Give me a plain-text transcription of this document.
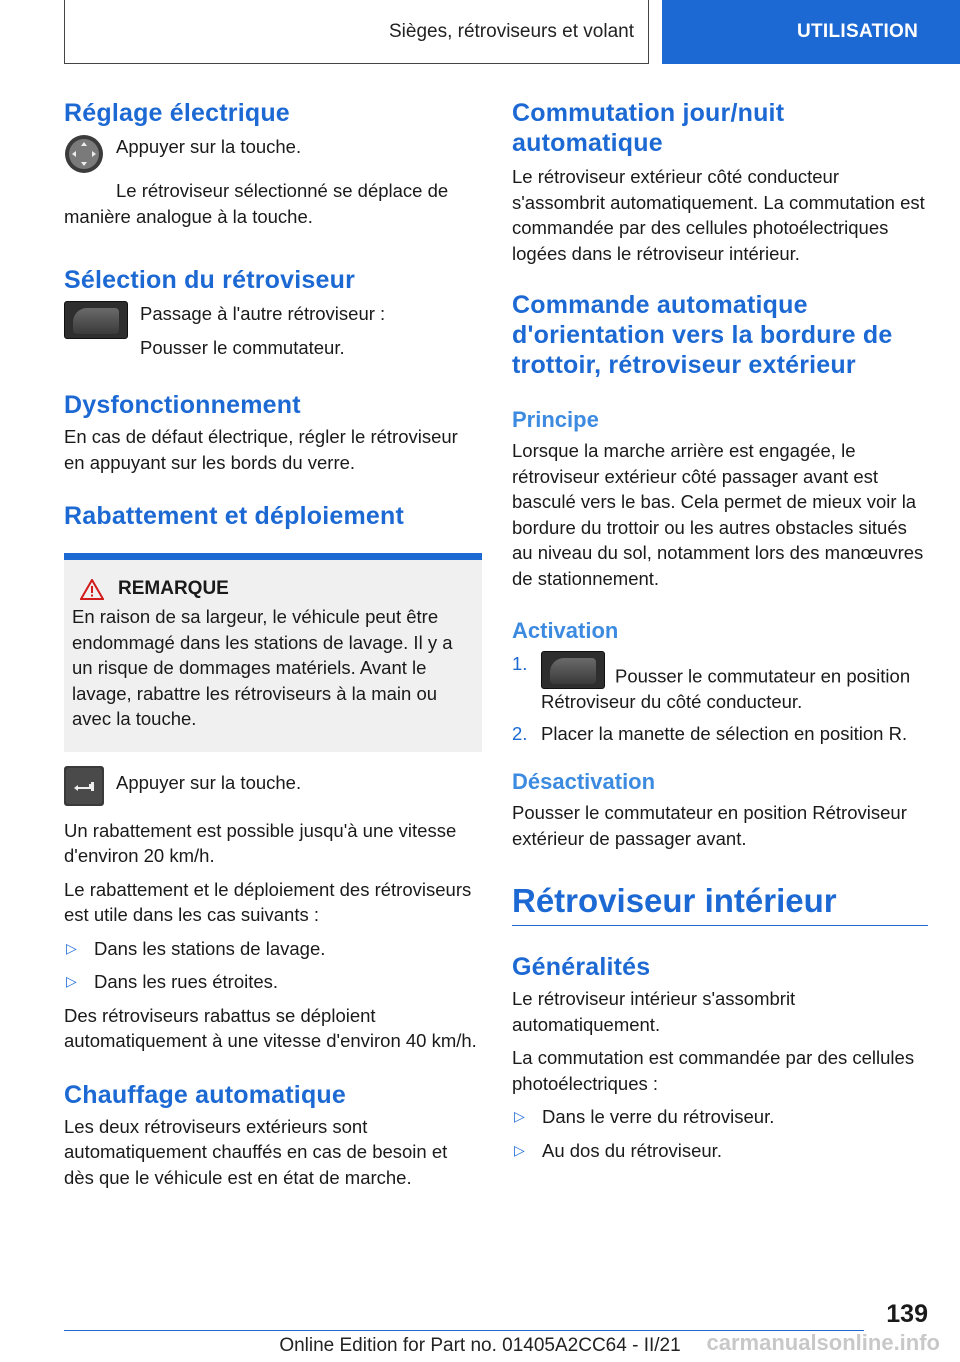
Sièges, rétroviseurs et volant	UTILISATION
Réglage électrique

Appuyer sur la touche.

Le rétroviseur sélectionné se déplace de manière analogue à la touche.

Sélection du rétroviseur

Passage à l'autre rétroviseur :

Pousser le commutateur.

Dysfonctionnement

En cas de défaut électrique, régler le rétroviseur en appuyant sur les bords du verre.

Rabattement et déploiement
REMARQUE

En raison de sa largeur, le véhicule peut être endommagé dans les stations de lavage. Il y a un risque de dommages matériels. Avant le lavage, rabattre les rétroviseurs à la main ou avec la touche.

Appuyer sur la touche.

Un rabattement est possible jusqu'à une vitesse d'environ 20 km/h.

Le rabattement et le déploiement des rétroviseurs est utile dans les cas suivants :

▷ Dans les stations de lavage.
▷ Dans les rues étroites.

Des rétroviseurs rabattus se déploient automatiquement à une vitesse d'environ 40 km/h.

Chauffage automatique

Les deux rétroviseurs extérieurs sont automatiquement chauffés en cas de besoin et dès que le véhicule est en état de marche.

Commutation jour/nuit automatique

Le rétroviseur extérieur côté conducteur s'assombrit automatiquement. La commutation est commandée par des cellules photoélectriques logées dans le rétroviseur intérieur.

Commande automatique d'orientation vers la bordure de trottoir, rétroviseur extérieur
Principe

Lorsque la marche arrière est engagée, le rétroviseur extérieur côté passager avant est basculé vers le bas. Cela permet de mieux voir la bordure du trottoir ou les autres obstacles situés au niveau du sol, notamment lors des manœuvres de stationnement.

Activation
1.
Pousser le commutateur en position Rétroviseur du côté conducteur.
2. Placer la manette de sélection en position R.
Désactivation

Pousser le commutateur en position Rétroviseur extérieur de passager avant.

Rétroviseur intérieur
Généralités

Le rétroviseur intérieur s'assombrit automatiquement.

La commutation est commandée par des cellules photoélectriques :

▷ Dans le verre du rétroviseur.
▷ Au dos du rétroviseur.
139
carmanualsonline.info
Online Edition for Part no. 01405A2CC64 - II/21
